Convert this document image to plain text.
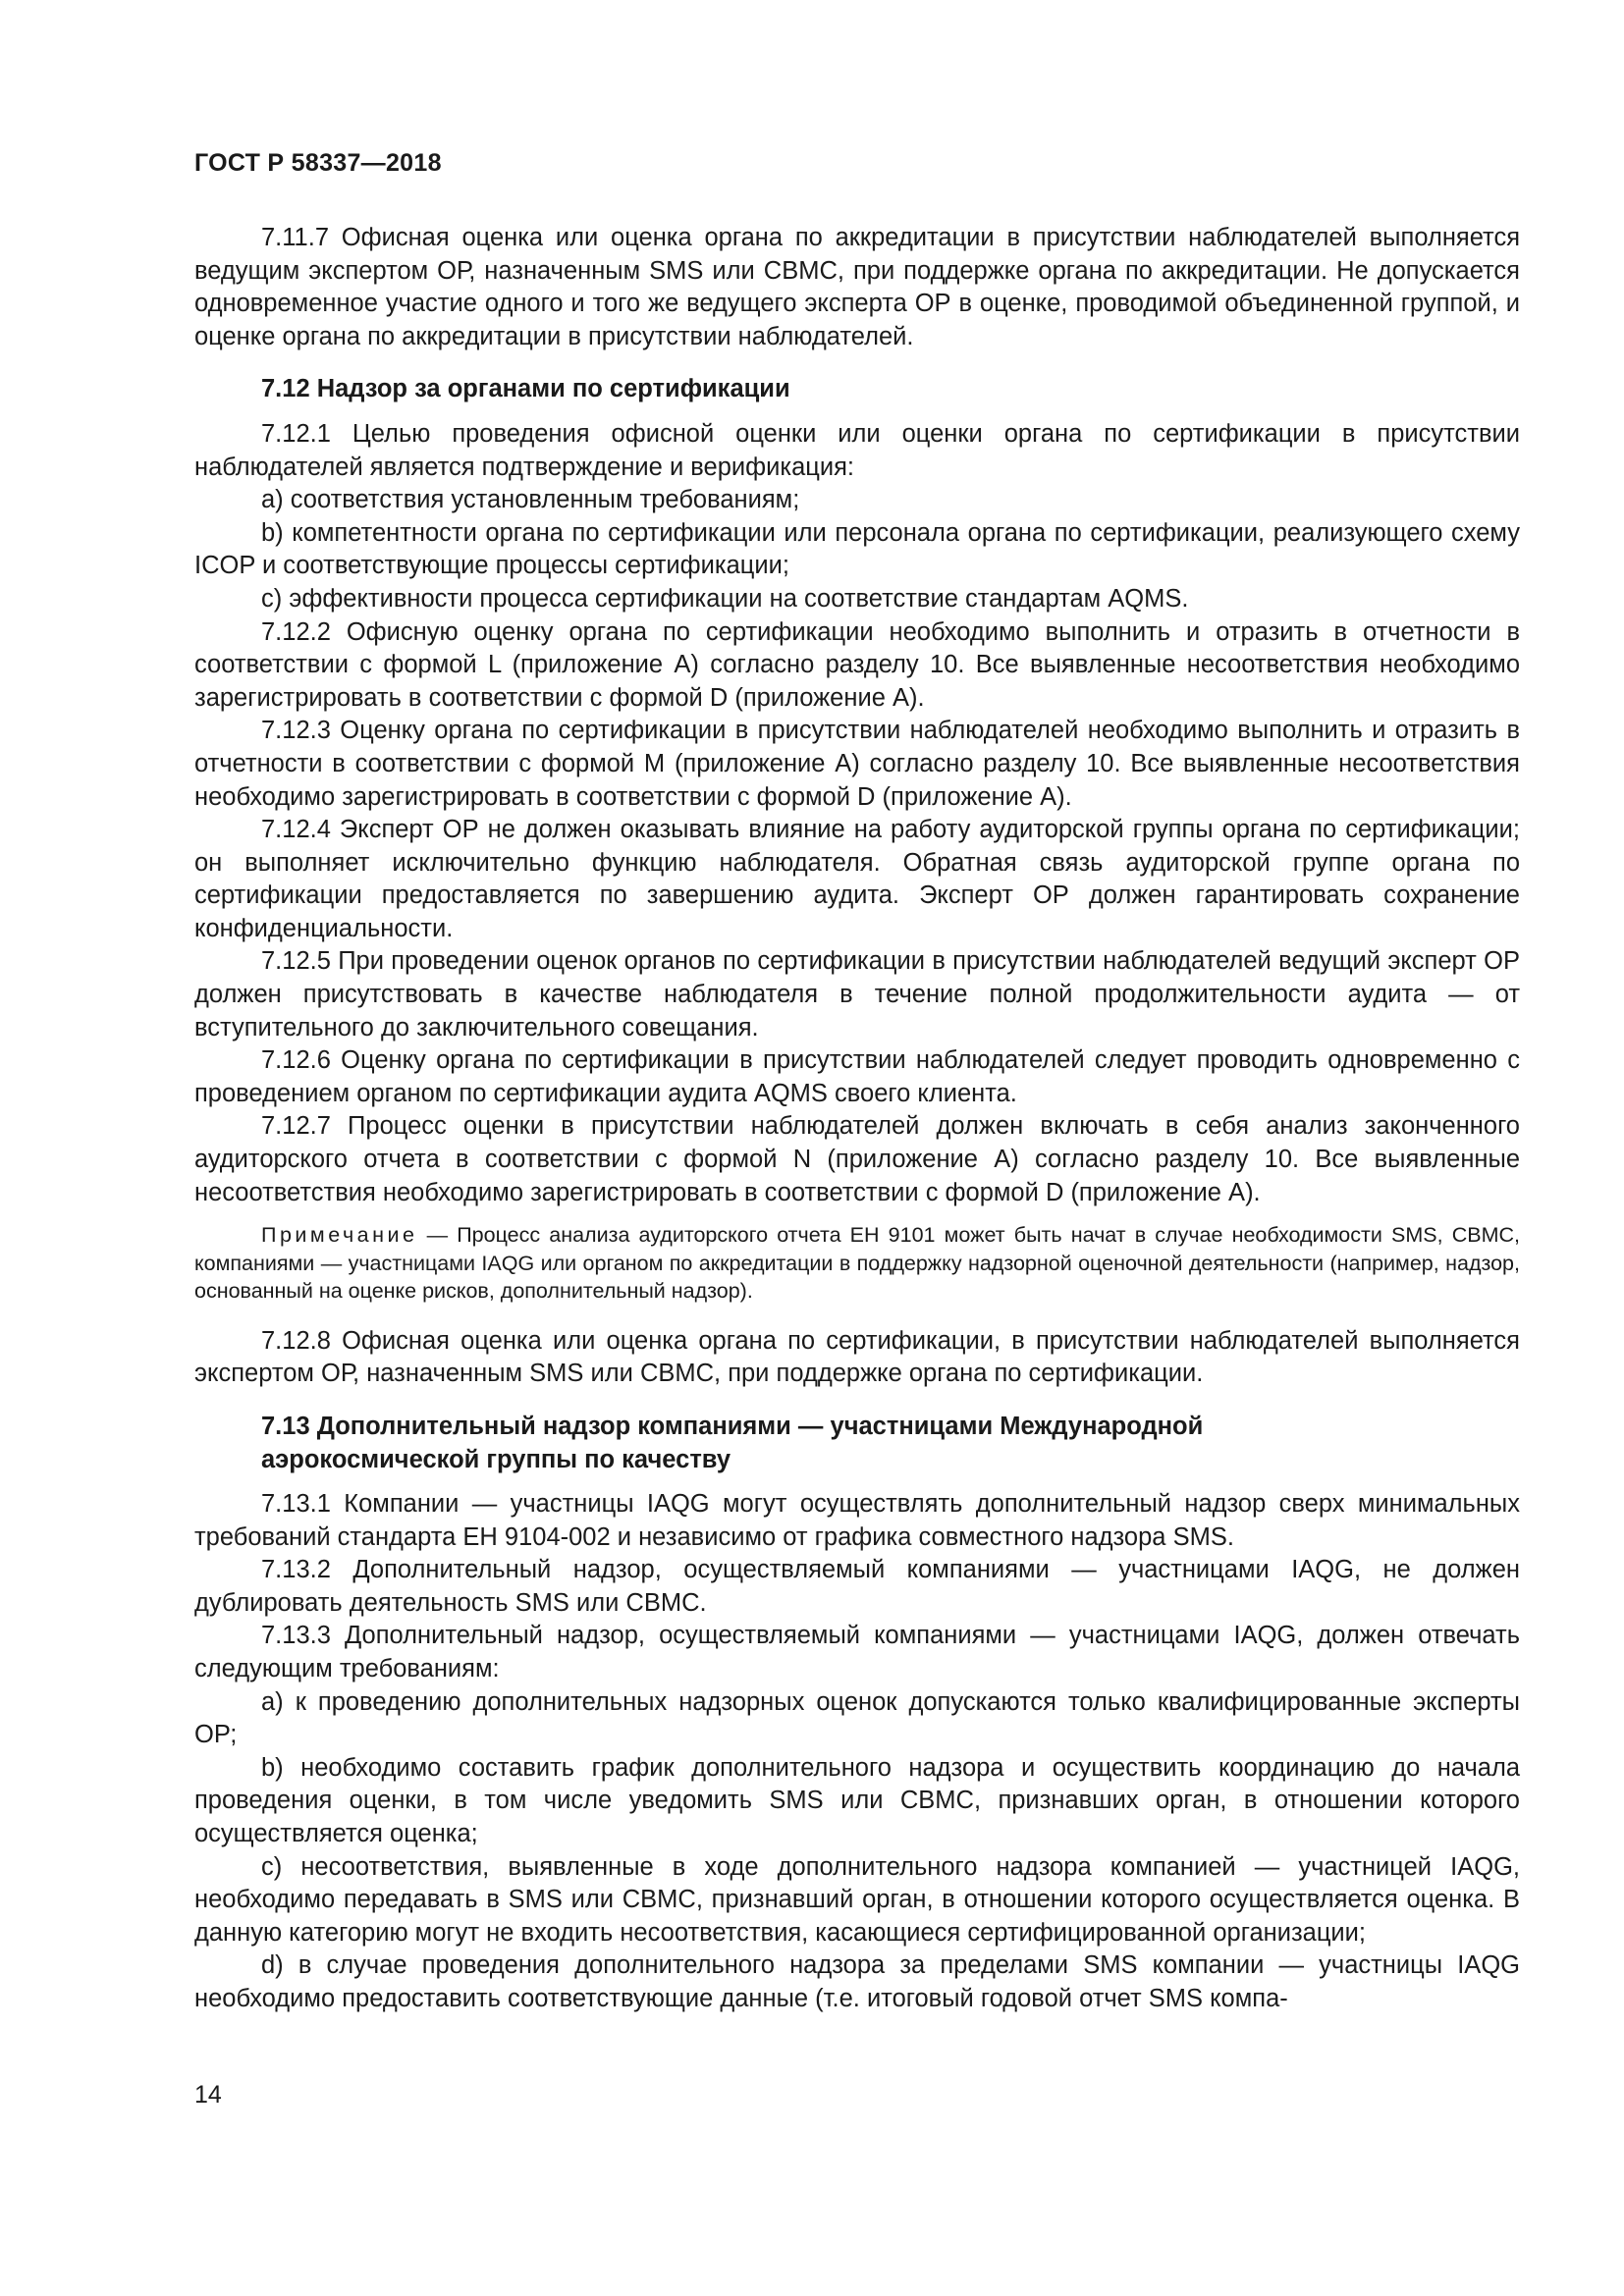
ГОСТ Р 58337—2018

7.11.7 Офисная оценка или оценка органа по аккредитации в присутствии наблюдателей выполняется ведущим экспертом ОР, назначенным SMS или CBMC, при поддержке органа по аккредитации. Не допускается одновременное участие одного и того же ведущего эксперта ОР в оценке, проводимой объединенной группой, и оценке органа по аккредитации в присутствии наблюдателей.

7.12 Надзор за органами по сертификации

7.12.1 Целью проведения офисной оценки или оценки органа по сертификации в присутствии наблюдателей является подтверждение и верификация:

a) соответствия установленным требованиям;

b) компетентности органа по сертификации или персонала органа по сертификации, реализующего схему ICOP и соответствующие процессы сертификации;

c) эффективности процесса сертификации на соответствие стандартам AQMS.

7.12.2 Офисную оценку органа по сертификации необходимо выполнить и отразить в отчетности в соответствии с формой L (приложение А) согласно разделу 10. Все выявленные несоответствия необходимо зарегистрировать в соответствии с формой D (приложение А).

7.12.3 Оценку органа по сертификации в присутствии наблюдателей необходимо выполнить и отразить в отчетности в соответствии с формой М (приложение А) согласно разделу 10. Все выявленные несоответствия необходимо зарегистрировать в соответствии с формой D (приложение А).

7.12.4 Эксперт ОР не должен оказывать влияние на работу аудиторской группы органа по сертификации; он выполняет исключительно функцию наблюдателя. Обратная связь аудиторской группе органа по сертификации предоставляется по завершению аудита. Эксперт ОР должен гарантировать сохранение конфиденциальности.

7.12.5 При проведении оценок органов по сертификации в присутствии наблюдателей ведущий эксперт ОР должен присутствовать в качестве наблюдателя в течение полной продолжительности аудита — от вступительного до заключительного совещания.

7.12.6 Оценку органа по сертификации в присутствии наблюдателей следует проводить одновременно с проведением органом по сертификации аудита AQMS своего клиента.

7.12.7 Процесс оценки в присутствии наблюдателей должен включать в себя анализ законченного аудиторского отчета в соответствии с формой N (приложение А) согласно разделу 10. Все выявленные несоответствия необходимо зарегистрировать в соответствии с формой D (приложение А).

Примечание — Процесс анализа аудиторского отчета ЕН 9101 может быть начат в случае необходимости SMS, CBMC, компаниями — участницами IAQG или органом по аккредитации в поддержку надзорной оценочной деятельности (например, надзор, основанный на оценке рисков, дополнительный надзор).

7.12.8 Офисная оценка или оценка органа по сертификации, в присутствии наблюдателей выполняется экспертом ОР, назначенным SMS или CBMC, при поддержке органа по сертификации.

7.13 Дополнительный надзор компаниями — участницами Международной
аэрокосмической группы по качеству

7.13.1 Компании — участницы IAQG могут осуществлять дополнительный надзор сверх минимальных требований стандарта ЕН 9104-002 и независимо от графика совместного надзора SMS.

7.13.2 Дополнительный надзор, осуществляемый компаниями — участницами IAQG, не должен дублировать деятельность SMS или CBMC.

7.13.3 Дополнительный надзор, осуществляемый компаниями — участницами IAQG, должен отвечать следующим требованиям:

a) к проведению дополнительных надзорных оценок допускаются только квалифицированные эксперты ОР;

b) необходимо составить график дополнительного надзора и осуществить координацию до начала проведения оценки, в том числе уведомить SMS или CBMC, признавших орган, в отношении которого осуществляется оценка;

c) несоответствия, выявленные в ходе дополнительного надзора компанией — участницей IAQG, необходимо передавать в SMS или CBMC, признавший орган, в отношении которого осуществляется оценка. В данную категорию могут не входить несоответствия, касающиеся сертифицированной организации;

d) в случае проведения дополнительного надзора за пределами SMS компании — участницы IAQG необходимо предоставить соответствующие данные (т.е. итоговый годовой отчет SMS компа-

14
